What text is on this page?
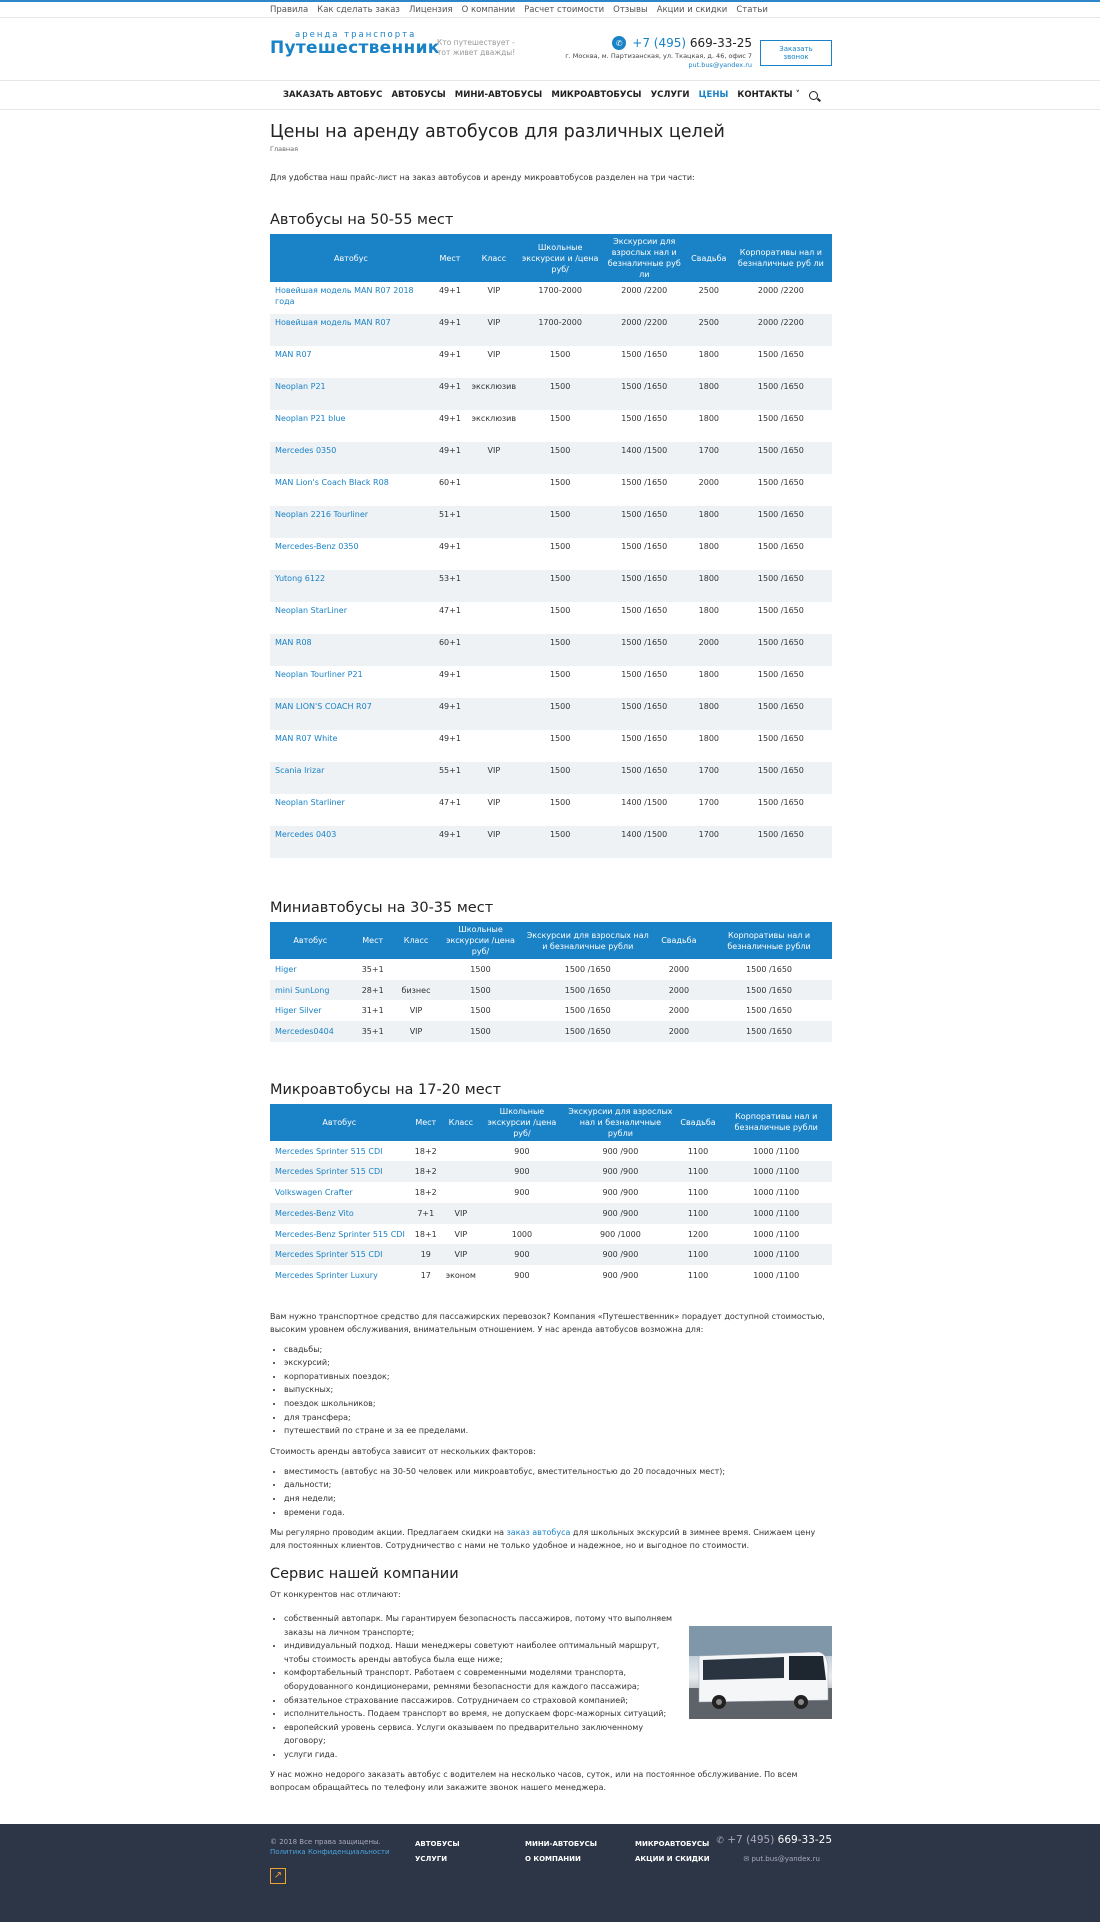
Правила Как сделать заказ Лицензия О компании Расчет стоимости Отзывы Акции и скидки Статьи
аренда транспорта
Путешественник
Кто путешествует - тот живет дважды!
✆ +7 (495) 669-33-25
г. Москва, м. Партизанская, ул. Ткацкая, д. 46, офис 7
put.bus@yandex.ru
Заказать звонок
ЗАКАЗАТЬ АВТОБУС АВТОБУСЫ МИНИ-АВТОБУСЫ МИКРОАВТОБУСЫ УСЛУГИ ЦЕНЫ КОНТАКТЫ ˅
Цены на аренду автобусов для различных целей
Главная

Для удобства наш прайс-лист на заказ автобусов и аренду микроавтобусов разделен на три части:

Автобусы на 50-55 мест
Автобус	Мест	Класс	Школьные экскурсии и /цена руб/	Экскурсии для взрослых нал и безналичные руб ли	Свадьба	Корпоративы нал и безналичные руб ли
Новейшая модель MAN R07 2018 года	49+1	VIP	1700-2000	2000 /2200	2500	2000 /2200
Новейшая модель MAN R07	49+1	VIP	1700-2000	2000 /2200	2500	2000 /2200
MAN R07	49+1	VIP	1500	1500 /1650	1800	1500 /1650
Neoplan P21	49+1	эксклюзив	1500	1500 /1650	1800	1500 /1650
Neoplan P21 blue	49+1	эксклюзив	1500	1500 /1650	1800	1500 /1650
Mercedes 0350	49+1	VIP	1500	1400 /1500	1700	1500 /1650
MAN Lion's Coach Black R08	60+1		1500	1500 /1650	2000	1500 /1650
Neoplan 2216 Tourliner	51+1		1500	1500 /1650	1800	1500 /1650
Mercedes-Benz 0350	49+1		1500	1500 /1650	1800	1500 /1650
Yutong 6122	53+1		1500	1500 /1650	1800	1500 /1650
Neoplan StarLiner	47+1		1500	1500 /1650	1800	1500 /1650
MAN R08	60+1		1500	1500 /1650	2000	1500 /1650
Neoplan Tourliner P21	49+1		1500	1500 /1650	1800	1500 /1650
MAN LION'S COACH R07	49+1		1500	1500 /1650	1800	1500 /1650
MAN R07 White	49+1		1500	1500 /1650	1800	1500 /1650
Scania Irizar	55+1	VIP	1500	1500 /1650	1700	1500 /1650
Neoplan Starliner	47+1	VIP	1500	1400 /1500	1700	1500 /1650
Mercedes 0403	49+1	VIP	1500	1400 /1500	1700	1500 /1650
Миниавтобусы на 30-35 мест
Автобус	Мест	Класс	Школьные экскурсии /цена руб/	Экскурсии для взрослых нал и безналичные рубли	Свадьба	Корпоративы нал и безналичные рубли
Higer	35+1		1500	1500 /1650	2000	1500 /1650
mini SunLong	28+1	бизнес	1500	1500 /1650	2000	1500 /1650
Higer Silver	31+1	VIP	1500	1500 /1650	2000	1500 /1650
Mercedes0404	35+1	VIP	1500	1500 /1650	2000	1500 /1650
Микроавтобусы на 17-20 мест
Автобус	Мест	Класс	Школьные экскурсии /цена руб/	Экскурсии для взрослых нал и безналичные рубли	Свадьба	Корпоративы нал и безналичные рубли
Mercedes Sprinter 515 CDI	18+2		900	900 /900	1100	1000 /1100
Mercedes Sprinter 515 CDI	18+2		900	900 /900	1100	1000 /1100
Volkswagen Crafter	18+2		900	900 /900	1100	1000 /1100
Mercedes-Benz Vito	7+1	VIP		900 /900	1100	1000 /1100
Mercedes-Benz Sprinter 515 CDI	18+1	VIP	1000	900 /1000	1200	1000 /1100
Mercedes Sprinter 515 CDI	19	VIP	900	900 /900	1100	1000 /1100
Mercedes Sprinter Luxury	17	эконом	900	900 /900	1100	1000 /1100

Вам нужно транспортное средство для пассажирских перевозок? Компания «Путешественник» порадует доступной стоимостью, высоким уровнем обслуживания, внимательным отношением. У нас аренда автобусов возможна для:

• свадьбы;
• экскурсий;
• корпоративных поездок;
• выпускных;
• поездок школьников;
• для трансфера;
• путешествий по стране и за ее пределами.

Стоимость аренды автобуса зависит от нескольких факторов:

• вместимость (автобус на 30-50 человек или микроавтобус, вместительностью до 20 посадочных мест);
• дальности;
• дня недели;
• времени года.

Мы регулярно проводим акции. Предлагаем скидки на заказ автобуса для школьных экскурсий в зимнее время. Снижаем цену для постоянных клиентов. Сотрудничество с нами не только удобное и надежное, но и выгодное по стоимости.

Сервис нашей компании

От конкурентов нас отличают:

• собственный автопарк. Мы гарантируем безопасность пассажиров, потому что выполняем заказы на личном транспорте;
• индивидуальный подход. Наши менеджеры советуют наиболее оптимальный маршрут, чтобы стоимость аренды автобуса была еще ниже;
• комфортабельный транспорт. Работаем с современными моделями транспорта, оборудованного кондиционерами, ремнями безопасности для каждого пассажира;
• обязательное страхование пассажиров. Сотрудничаем со страховой компанией;
• исполнительность. Подаем транспорт во время, не допускаем форс-мажорных ситуаций;
• европейский уровень сервиса. Услуги оказываем по предварительно заключенному договору;
• услуги гида.

У нас можно недорого заказать автобус с водителем на несколько часов, суток, или на постоянное обслуживание. По всем вопросам обращайтесь по телефону или закажите звонок нашего менеджера.

© 2018 Все права защищены.
Политика Конфиденциальности
АВТОБУСЫ
УСЛУГИ
МИНИ-АВТОБУСЫ
О КОМПАНИИ
МИКРОАВТОБУСЫ
АКЦИИ И СКИДКИ
✆ +7 (495) 669-33-25
✉ put.bus@yandex.ru
↗
